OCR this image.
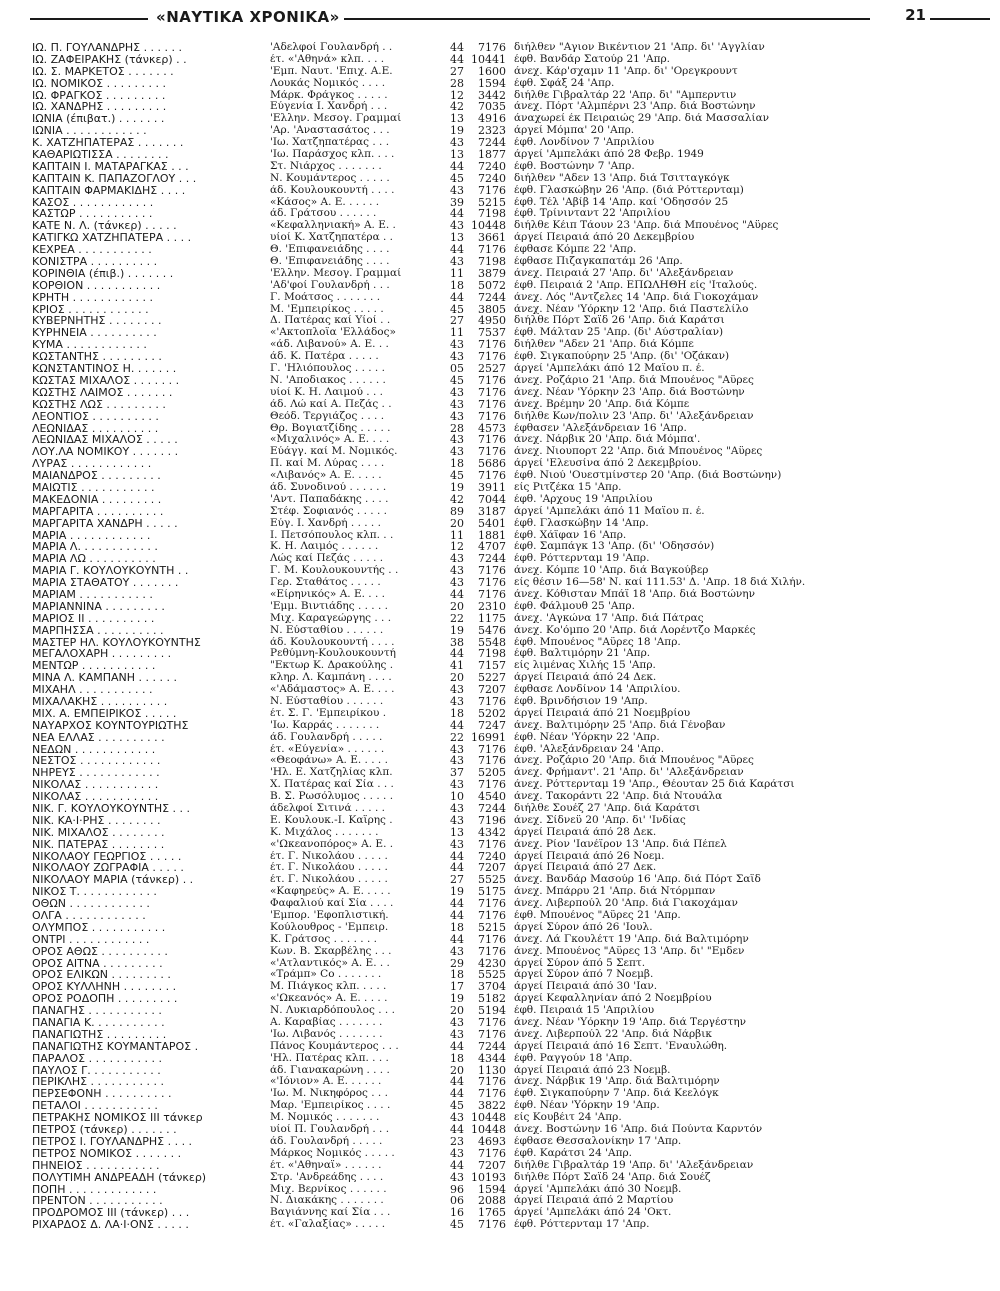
«ΝΑΥΤΙΚΑ ΧΡΟΝΙΚΑ»	21
ΙΩ. Π. ΓΟΥΛΑΝΔΡΗΣ . . . . . .	'Αδελφοί Γουλανδρή . .	44	7176 διήλθεν "Αγιον Βικέντιον 21 'Απρ. δι' 'Αγγλίαν
ΙΩ. ΖΑΦΕΙΡΑΚΗΣ (τάνκερ) . .	έτ. «'Αθηνά» κλπ. . . .	44 10441 έφθ. Βανδάρ Σατούρ 21 'Απρ.
ΙΩ. Σ. ΜΑΡΚΕΤΟΣ . . . . . . .	'Εμπ. Ναυτ. 'Επιχ. Α.Ε.	27	1600 άνεχ. Κάρ'σχαμν 11 'Απρ. δι' 'Ορεγκρουντ
ΙΩ. ΝΟΜΙΚΟΣ . . . . . . . . .	Λουκάς Νομικός . . . .	28	1594 έφθ. Σφάξ 24 'Απρ.
ΙΩ. ΦΡΑΓΚΟΣ . . . . . . . . .	Μάρκ. Φράγκος . . . . .	12	3442 διήλθε Γιβραλτάρ 22 'Απρ. δι' "Αμπερντιν
ΙΩ. ΧΑΝΔΡΗΣ . . . . . . . . .	Εύγενία Ι. Χανδρή . . .	42	7035 άνεχ. Πόρτ 'Αλμπέρνι 23 'Απρ. διά Βοστώνην
ΙΩΝΙΑ (έπιβατ.) . . . . . . .	'Ελλην. Μεσογ. Γραμμαί	13	4916 άναχωρεί έκ Πειραιώς 29 'Απρ. διά Μασσαλίαν
ΙΩΝΙΑ . . . . . . . . . . . .	'Αρ. 'Αναστασάτος . . .	19	2323 άργεί Μόμπα' 20 'Απρ.
Κ. ΧΑΤΖΗΠΑΤΕΡΑΣ . . . . . . .	'Ιω. Χατζηπατέρας . . .	43	7244 έφθ. Λονδίνον 7 'Απριλίου
ΚΑΘΑΡΙΩΤΙΣΣΑ . . . . . . . .	'Ιω. Παράσχος κλπ. . . .	13	1877 άργεί 'Αμπελάκι άπό 28 Φεβρ. 1949
ΚΑΠΤΑΙΝ Ι. ΜΑΤΑΡΑΓΚΑΣ . . .	Στ. Νιάρχος . . . . . . .	44	7240 έφθ. Βοστώνην 7 'Απρ.
ΚΑΠΤΑΙΝ Κ. ΠΑΠΑΖΟΓΛΟΥ . . .	Ν. Κουμάντερος . . . . .	45	7240 διήλθεν "Αδεν 13 'Απρ. διά Τσιτταγκόγκ
ΚΑΠΤΑΙΝ ΦΑΡΜΑΚΙΔΗΣ . . . .	άδ. Κουλουκουντή . . . .	43	7176 έφθ. Γλασκώβην 26 'Απρ. (διά Ρόττερνταμ)
ΚΑΣΟΣ . . . . . . . . . . . .	«Κάσος» Α. Ε. . . . . .	39	5215 έφθ. Τέλ 'Αβίβ 14 'Απρ. καί 'Οδησσόν 25
ΚΑΣΤΩΡ . . . . . . . . . . .	άδ. Γράτσου . . . . . .	44	7198 έφθ. Τρίνινταντ 22 'Απριλίου
ΚΑΤΕ Ν. Λ. (τάνκερ) . . . . .	«Κεφαλληνιακή» Α. Ε. .	43 10448 διήλθε Κέιπ Τάουν 23 'Απρ. διά Μπουένος "Αϋρες
ΚΑΤΙΓΚΩ ΧΑΤΖΗΠΑΤΕΡΑ . . . .	υίοί Κ. Χατζηπατέρα . .	13	3661 άργεί Πειραιά άπό 20 Δεκεμβρίου
ΚΕΧΡΕΑ . . . . . . . . . . .	Θ. 'Επιφανειάδης . . . .	44	7176 έφθασε Κόμπε 22 'Απρ.
ΚΟΝΙΣΤΡΑ . . . . . . . . . .	Θ. 'Επιφανειάδης . . . .	43	7198 έφθασε Πιζαγκαπατάμ 26 'Απρ.
ΚΟΡΙΝΘΙΑ (έπιβ.) . . . . . . .	'Ελλην. Μεσογ. Γραμμαί	11	3879 άνεχ. Πειραιά 27 'Απρ. δι' 'Αλεξάνδρειαν
ΚΟΡΘΙΟΝ . . . . . . . . . . .	'Αδ'φοί Γουλανδρή . . .	18	5072 έφθ. Πειραιά 2 'Απρ. ΕΠΩΛΗΘΗ είς 'Ιταλούς.
ΚΡΗΤΗ . . . . . . . . . . . .	Γ. Μοάτσος . . . . . . .	44	7244 άνεχ. Λός "Αντζελες 14 'Απρ. διά Γιοκοχάμαν
ΚΡΙΟΣ . . . . . . . . . . . .	Μ. 'Εμπειρίκος . . . . .	45	3805 άνεχ. Νέαν 'Υόρκην 12 'Απρ. διά Παστελίλο
ΚΥΒΕΡΝΗΤΗΣ . . . . . . . .	Δ. Πατέρας καί Υίοί . .	27	4950 διήλθε Πόρτ Σαϊδ 26 'Απρ. διά Καράτσι
ΚΥΡΗΝΕΙΑ . . . . . . . . . .	«'Ακτοπλοΐα 'Ελλάδος»	11	7537 έφθ. Μάλταν 25 'Απρ. (δι' Αύστραλίαν)
ΚΥΜΑ . . . . . . . . . . . .	«άδ. Λιβανού» Α. Ε. . .	43	7176 διήλθεν "Αδεν 21 'Απρ. διά Κόμπε
ΚΩΣΤΑΝΤΗΣ . . . . . . . . .	άδ. Κ. Πατέρα . . . . .	43	7176 έφθ. Σιγκαπούρην 25 'Απρ. (δι' 'Οζάκαν)
ΚΩΝΣΤΑΝΤΙΝΟΣ Η. . . . . . .	Γ. 'Ηλιόπουλος . . . . .	05	2527 άργεί 'Αμπελάκι άπό 12 Μαΐου π. έ.
ΚΩΣΤΑΣ ΜΙΧΑΛΟΣ . . . . . . .	Ν. 'Αποδιακος . . . . . .	45	7176 άνεχ. Ροζάριο 21 'Απρ. διά Μπουένος "Αϋρες
ΚΩΣΤΗΣ ΛΑΙΜΟΣ . . . . . . .	υίοί Κ. Η. Λαιμού . . .	43	7176 άνεχ. Νέαν 'Υόρκην 23 'Απρ. διά Βοστώνην
ΚΩΣΤΗΣ ΛΩΣ . . . . . . . . .	άδ. Λώ καί Α. Πεζάς . .	43	7176 άνεχ. Βρέμην 20 'Απρ. διά Κόμπε
ΛΕΟΝΤΙΟΣ . . . . . . . . . .	Θεόδ. Τεργιάζος . . . .	43	7176 διήλθε Κων/πολιν 23 'Απρ. δι' 'Αλεξάνδρειαν
ΛΕΩΝΙΔΑΣ . . . . . . . . . .	Θρ. Βογιατζίδης . . . . .	28	4573 έφθασεν 'Αλεξάνδρειαν 16 'Απρ.
ΛΕΩΝΙΔΑΣ ΜΙΧΑΛΟΣ . . . . .	«Μιχαλινός» Α. Ε. . . .	43	7176 άνεχ. Νάρβικ 20 'Απρ. διά Μόμπα'.
ΛΟΥ.ΛΑ ΝΟΜΙΚΟΥ . . . . . . .	Εύάγγ. καί Μ. Νομικός.	43	7176 άνεχ. Νιουπορτ 22 'Απρ. διά Μπουένος "Αϋρες
ΛΥΡΑΣ . . . . . . . . . . . .	Π. καί Μ. Λύρας . . . .	18	5686 άργεί 'Ελευσίνα άπό 2 Δεκεμβρίου.
ΜΑΙΑΝΔΡΟΣ . . . . . . . . .	«Λιβανός» Α. Ε. . . . .	45	7176 έφθ. Νιού 'Ουεστμίνστερ 20 'Απρ. (διά Βοστώνην)
ΜΑΙΩΤΙΣ . . . . . . . . . . .	άδ. Συνοδινού . . . . . .	19	3911 είς Ριτζέκα 15 'Απρ.
ΜΑΚΕΔΟΝΙΑ . . . . . . . . .	'Αντ. Παπαδάκης . . . .	42	7044 έφθ. 'Αρχους 19 'Απριλίου
ΜΑΡΓΑΡΙΤΑ . . . . . . . . . .	Στέφ. Σοφιανός . . . . .	89	3187 άργεί 'Αμπελάκι άπό 11 Μαΐου π. έ.
ΜΑΡΓΑΡΙΤΑ ΧΑΝΔΡΗ . . . . .	Εύγ. Ι. Χανδρή . . . . .	20	5401 έφθ. Γλασκώβην 14 'Απρ.
ΜΑΡΙΑ . . . . . . . . . . . .	Ι. Πετσόπουλος κλπ. . .	11	1881 έφθ. Χάϊφαν 16 'Απρ.
ΜΑΡΙΑ Λ. . . . . . . . . . . .	Κ. Η. Λαιμός . . . . . .	12	4707 έφθ. Σαμπάγκ 13 'Απρ. (δι' 'Οδησσόν)
ΜΑΡΙΑ ΛΩ . . . . . . . . . .	Λώς καί Πεζάς . . . . .	43	7244 έφθ. Ρόττερνταμ 19 'Απρ.
ΜΑΡΙΑ Γ. ΚΟΥΛΟΥΚΟΥΝΤΗ . .	Γ. Μ. Κουλουκουντής . .	43	7176 άνεχ. Κόμπε 10 'Απρ. διά Βαγκούβερ
ΜΑΡΙΑ ΣΤΑΘΑΤΟΥ . . . . . . .	Γερ. Σταθάτος . . . . .	43	7176 είς θέσιν 16—58' Ν. καί 111.53' Δ. 'Απρ. 18 διά Χιλήν.
ΜΑΡΙΑΜ . . . . . . . . . . .	«Είρηνικός» Α. Ε. . . .	44	7176 άνεχ. Κόθισταν Μπάϊ 18 'Απρ. διά Βοστώνην
ΜΑΡΙΑΝΝΙΝΑ . . . . . . . . .	'Εμμ. Βιντιάδης . . . . .	20	2310 έφθ. Φάλμουθ 25 'Απρ.
ΜΑΡΙΟΣ ΙΙ . . . . . . . . . .	Μιχ. Καραγεώργης . . .	22	1175 άνεχ. 'Αγκώνα 17 'Απρ. διά Πάτρας
ΜΑΡΠΗΣΣΑ . . . . . . . . . .	Ν. Εύσταθίου . . . . . .	19	5476 άνεχ. Κο'όμπο 20 'Απρ. διά Λορέντζο Μαρκές
ΜΑΣΤΕΡ ΗΛ. ΚΟΥΛΟΥΚΟΥΝΤΗΣ	άδ. Κουλουκουντή . . . .	38	5548 έφθ. Μπουένος "Αϋρες 18 'Απρ.
ΜΕΓΑΛΟΧΑΡΗ . . . . . . . . .	Ρεθύμνη-Κουλουκουντή	44	7198 έφθ. Βαλτιμόρην 21 'Απρ.
ΜΕΝΤΩΡ . . . . . . . . . . .	"Εκτωρ Κ. Δρακούλης .	41	7157 είς λιμένας Χιλής 15 'Απρ.
ΜΙΝΑ Λ. ΚΑΜΠΑΝΗ . . . . . .	κληρ. Λ. Καμπάνη . . . .	20	5227 άργεί Πειραιά άπό 24 Δεκ.
ΜΙΧΑΗΛ . . . . . . . . . . .	«'Αδάμαστος» Α. Ε. . . .	43	7207 έφθασε Λονδίνον 14 'Απριλίου.
ΜΙΧΑΛΑΚΗΣ . . . . . . . . . .	Ν. Εύσταθίου . . . . . .	43	7176 έφθ. Βρινδήσιον 19 'Απρ.
ΜΙΧ. Α. ΕΜΠΕΙΡΙΚΟΣ . . . . .	έτ. Σ. Γ. 'Εμπειρίκου .	18	5202 άργεί Πειραιά άπό 21 Νοεμβρίου
ΝΑΥΑΡΧΟΣ ΚΟΥΝΤΟΥΡΙΩΤΗΣ	'Ιω. Καρράς . . . . . . .	44	7247 άνεχ. Βαλτιμόρην 25 'Απρ. διά Γένοβαν
ΝΕΑ ΕΛΛΑΣ . . . . . . . . . .	άδ. Γουλανδρή . . . . .	22 16991 έφθ. Νέαν 'Υόρκην 22 'Απρ.
ΝΕΔΩΝ . . . . . . . . . . . .	έτ. «Εύγενία» . . . . . .	43	7176 έφθ. 'Αλεξάνδρειαν 24 'Απρ.
ΝΕΣΤΟΣ . . . . . . . . . . . .	«Θεοφάνω» Α. Ε. . . . .	43	7176 άνεχ. Ροζάριο 20 'Απρ. διά Μπουένος "Αϋρες
ΝΗΡΕΥΣ . . . . . . . . . . . .	'Ηλ. Ε. Χατζηλίας κλπ.	37	5205 άνεχ. Φρήμαντ'. 21 'Απρ. δι' 'Αλεξάνδρειαν
ΝΙΚΟΛΑΣ . . . . . . . . . . .	Χ. Πατέρας καί Σία . . .	43	7176 άνεχ. Ρόττερνταμ 19 'Απρ., Θέουταν 25 διά Καράτσι
ΝΙΚΟΛΑΣ . . . . . . . . . . .	Β. Σ. Ρωσόλυμος . . . . .	10	4540 άνεχ. Τακοράντι 22 'Απρ. διά Ντουάλα
ΝΙΚ. Γ. ΚΟΥΛΟΥΚΟΥΝΤΗΣ . . .	άδελφοί Σιτινά . . . . .	43	7244 διήλθε Σουέζ 27 'Απρ. διά Καράτσι
ΝΙΚ. ΚΑ·Ι·ΡΗΣ . . . . . . . .	Ε. Κουλουκ.-Ι. Καΐρης .	43	7196 άνεχ. Σίδνεϋ 20 'Απρ. δι' 'Ινδίας
ΝΙΚ. ΜΙΧΑΛΟΣ . . . . . . . .	Κ. Μιχάλος . . . . . . .	13	4342 άργεί Πειραιά άπό 28 Δεκ.
ΝΙΚ. ΠΑΤΕΡΑΣ . . . . . . . .	«'Ωκεανοπόρος» Α. Ε. .	43	7176 άνεχ. Ρίον 'Ιανέϊρον 13 'Απρ. διά Πέπελ
ΝΙΚΟΛΑΟΥ ΓΕΩΡΓΙΟΣ . . . . .	έτ. Γ. Νικολάου . . . . .	44	7240 άργεί Πειραιά άπό 26 Νοεμ.
ΝΙΚΟΛΑΟΥ ΖΩΓΡΑΦΙΑ . . . . .	έτ. Γ. Νικολάου . . . . .	44	7207 άργεί Πειραιά άπό 27 Δεκ.
ΝΙΚΟΛΑΟΥ ΜΑΡΙΑ (τάνκερ) . .	έτ. Γ. Νικολάου . . . . .	27	5525 άνεχ. Βανδάρ Μασούρ 16 'Απρ. διά Πόρτ Σαϊδ
ΝΙΚΟΣ Τ. . . . . . . . . . . .	«Καφηρεύς» Α. Ε. . . . .	19	5175 άνεχ. Μπάρρυ 21 'Απρ. διά Ντόρμπαν
ΟΘΩΝ . . . . . . . . . . . .	Φαφαλιού καί Σία . . . .	44	7176 άνεχ. Λιβερπούλ 20 'Απρ. διά Γιακοχάμαν
ΟΛΓΑ . . . . . . . . . . . .	'Εμπορ. 'Εφοπλιστική.	44	7176 έφθ. Μπουένος "Αϋρες 21 'Απρ.
ΟΛΥΜΠΟΣ . . . . . . . . . . .	Κούλουθρος - 'Εμπειρ.	18	5215 άργεί Σύρον άπό 26 'Ιουλ.
ΟΝΤΡΙ . . . . . . . . . . . .	Κ. Γράτσος . . . . . . .	44	7176 άνεχ. Λά Γκουλέττ 19 'Απρ. διά Βαλτιμόρην
ΟΡΟΣ ΑΘΩΣ . . . . . . . . . .	Κων. Β. Σκαρβέλης . . .	43	7176 άνεχ. Μπουένος "Αϋρες 13 'Απρ. δι' "Εμδεν
ΟΡΟΣ ΑΙΤΝΑ . . . . . . . . .	«'Ατλαντικός» Α. Ε. . .	29	4230 άργεί Σύρον άπό 5 Σεπτ.
ΟΡΟΣ ΕΛΙΚΩΝ . . . . . . . . .	«Τράμπ» Co . . . . . . .	18	5525 άργεί Σύρον άπό 7 Νοεμβ.
ΟΡΟΣ ΚΥΛΛΗΝΗ . . . . . . . .	Μ. Πιάγκος κλπ. . . . .	17	3704 άργεί Πειραιά άπό 30 'Ιαν.
ΟΡΟΣ ΡΟΔΟΠΗ . . . . . . . . .	«'Ωκεανός» Α. Ε. . . . .	19	5182 άργεί Κεφαλληνίαν άπό 2 Νοεμβρίου
ΠΑΝΑΓΗΣ . . . . . . . . . . .	Ν. Λυκιαρδόπουλος . . .	20	5194 έφθ. Πειραιά 15 'Απριλίου
ΠΑΝΑΓΙΑ Κ. . . . . . . . . . .	Α. Καραβίας . . . . . . .	43	7176 άνεχ. Νέαν 'Υόρκην 19 'Απρ. διά Τεργέστην
ΠΑΝΑΓΙΩΤΗΣ . . . . . . . . .	'Ιω. Λιβανός . . . . . . .	43	7176 άνεχ. Λιβερπούλ 22 'Απρ. διά Νάρβικ
ΠΑΝΑΓΙΩΤΗΣ ΚΟΥΜΑΝΤΑΡΟΣ .	Πάνος Κουμάντερος . . .	44	7244 άργεί Πειραιά άπό 16 Σεπτ. 'Εναυλώθη.
ΠΑΡΑΛΟΣ . . . . . . . . . . .	'Ηλ. Πατέρας κλπ. . . .	18	4344 έφθ. Ραγγούν 18 'Απρ.
ΠΑΥΛΟΣ Γ. . . . . . . . . . .	άδ. Γιανακαρώνη . . . .	20	1130 άργεί Πειραιά άπό 23 Νοεμβ.
ΠΕΡΙΚΛΗΣ . . . . . . . . . . .	«'Ιόνιον» Α. Ε. . . . . .	44	7176 άνεχ. Νάρβικ 19 'Απρ. διά Βαλτιμόρην
ΠΕΡΣΕΦΟΝΗ . . . . . . . . . .	'Ιω. Μ. Νικηφόρος . . .	44	7176 έφθ. Σιγκαπούρην 7 'Απρ. διά Κεελόγκ
ΠΕΤΑΛΟΙ . . . . . . . . . . .	Μαρ. 'Εμπειρίκος . . . .	45	3822 έφθ. Νέαν 'Υόρκην 19 'Απρ.
ΠΕΤΡΑΚΗΣ ΝΟΜΙΚΟΣ ΙΙΙ τάνκερ	Μ. Νομικός . . . . . . .	43 10448 είς Κουβέιτ 24 'Απρ.
ΠΕΤΡΟΣ (τάνκερ) . . . . . . .	υίοί Π. Γουλανδρή . . .	44 10448 άνεχ. Βοστώνην 16 'Απρ. διά Πούντα Καρντόν
ΠΕΤΡΟΣ Ι. ΓΟΥΛΑΝΔΡΗΣ . . . .	άδ. Γουλανδρή . . . . .	23	4693 έφθασε Θεσσαλονίκην 17 'Απρ.
ΠΕΤΡΟΣ ΝΟΜΙΚΟΣ . . . . . . .	Μάρκος Νομικός . . . . .	43	7176 έφθ. Καράτσι 24 'Απρ.
ΠΗΝΕΙΟΣ . . . . . . . . . . .	έτ. «'Αθηναϊ» . . . . . .	44	7207 διήλθε Γιβραλτάρ 19 'Απρ. δι' 'Αλεξάνδρειαν
ΠΟΛΥΤΙΜΗ ΑΝΔΡΕΑΔΗ (τάνκερ)	Στρ. 'Ανδρεάδης . . . .	43 10193 διήλθε Πόρτ Σαϊδ 24 'Απρ. διά Σουέζ
ΠΟΠΗ . . . . . . . . . . . . .	Μιχ. Βερνίκος . . . . . .	96	1594 άργεί 'Αμπελάκι άπό 30 Νοεμβ.
ΠΡΕΝΤΟΝ . . . . . . . . . . .	Ν. Διακάκης . . . . . . .	06	2088 άργεί Πειραιά άπό 2 Μαρτίου
ΠΡΟΔΡΟΜΟΣ ΙΙΙ (τάνκερ) . . .	Βαγιάννης καί Σία . . .	16	1765 άργεί 'Αμπελάκι άπό 24 'Οκτ.
ΡΙΧΑΡΔΟΣ Δ. ΛΑ·Ι·ΟΝΣ . . . . .	έτ. «Γαλαξίας» . . . . .	45	7176 έφθ. Ρόττερνταμ 17 'Απρ.
